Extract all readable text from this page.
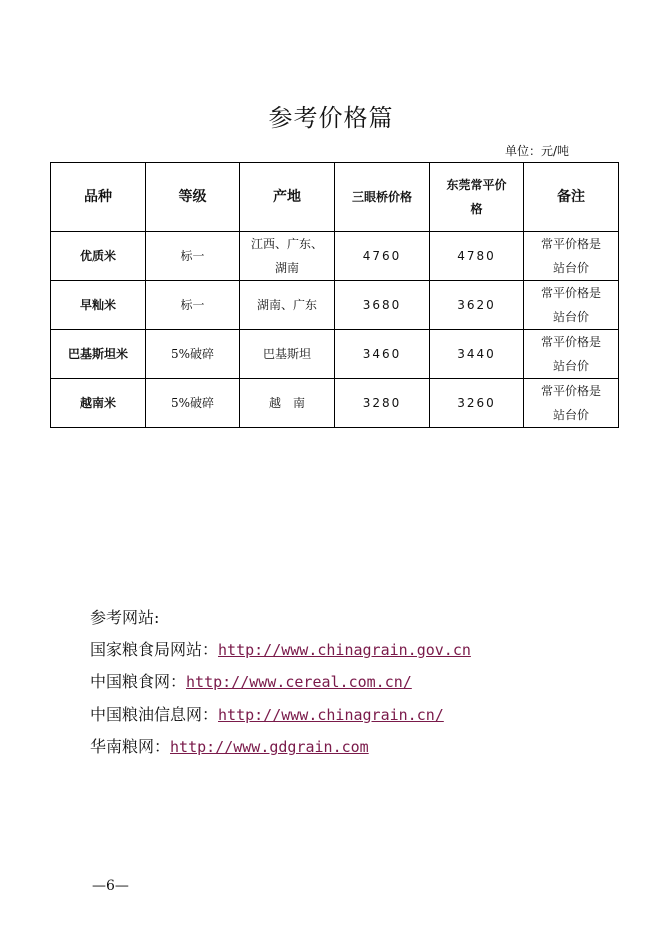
参考价格篇
单位：元/吨
品种	等级	产地	三眼桥价格	东莞常平价格	备注
优质米	标一	江西、广东、湖南	4760	4780	常平价格是站台价
早籼米	标一	湖南、广东	3680	3620	常平价格是站台价
巴基斯坦米	5%破碎	巴基斯坦	3460	3440	常平价格是站台价
越南米	5%破碎	越　南	3280	3260	常平价格是站台价
参考网站:
国家粮食局网站：http://www.chinagrain.gov.cn
中国粮食网：http://www.cereal.com.cn/
中国粮油信息网：http://www.chinagrain.cn/
华南粮网：http://www.gdgrain.com
—6—
